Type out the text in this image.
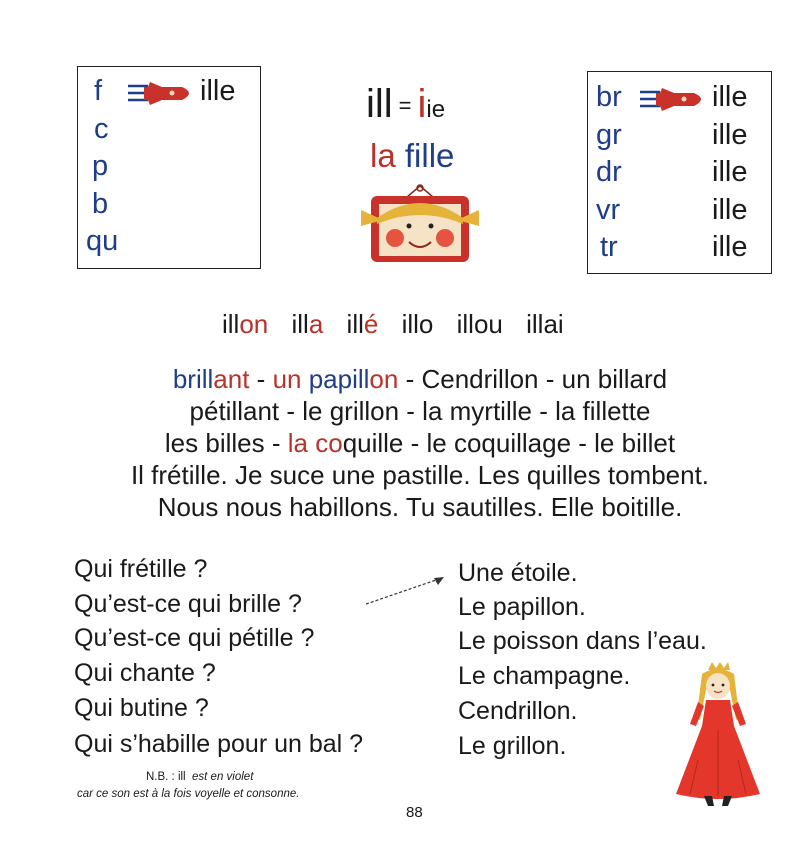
f
c
p
b
qu
ille	ill = iie
la fille
br
gr
dr
vr
tr
ille
ille
ille
ille
ille
illon illa illé illo illou illai
brillant - un papillon - Cendrillon - un billard
pétillant - le grillon - la myrtille - la fillette
les billes - la coquille - le coquillage - le billet
Il frétille. Je suce une pastille. Les quilles tombent.
Nous nous habillons. Tu sautilles. Elle boitille.
Qui frétille ?
Qu’est-ce qui brille ?
Qu’est-ce qui pétille ?
Qui chante ?
Qui butine ?
Qui s’habille pour un bal ?
Une étoile.
Le papillon.
Le poisson dans l’eau.
Le champagne.
Cendrillon.
Le grillon.
N.B. : ill est en violet
car ce son est à la fois voyelle et consonne.
88
